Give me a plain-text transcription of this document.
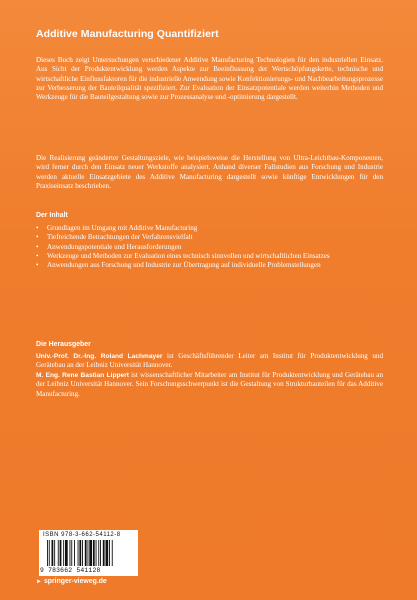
Additive Manufacturing Quantifiziert
Dieses Buch zeigt Untersuchungen verschiedener Additive Manufacturing Technologien für den industriellen Einsatz. Aus Sicht der Produktentwicklung werden Aspekte zur Beeinflussung der Wertschöpfungskette, technische und wirtschaftliche Einflussfaktoren für die industrielle Anwendung sowie Konfektionierungs- und Nachbearbeitungsprozesse zur Verbesserung der Bauteilqualität spezifiziert. Zur Evaluation der Einsatzpotentiale werden weiterhin Methoden und Werkzeuge für die Bauteilgestaltung sowie zur Prozessanalyse und -optimierung dargestellt.
Die Realisierung geänderter Gestaltungsziele, wie beispielsweise die Herstellung von Ultra-Leichtbau-Komponenten, wird ferner durch den Einsatz neuer Werkstoffe analysiert. Anhand diverser Fallstudien aus Forschung und Industrie werden aktuelle Einsatzgebiete des Additive Manufacturing dargestellt sowie künftige Entwicklungen für den Praxiseinsatz beschrieben.
Der Inhalt
• Grundlagen im Umgang mit Additive Manufacturing
• Tiefreichende Betrachtungen der Verfahrensvielfalt
• Anwendungspotentiale und Herausforderungen
• Werkzeuge und Methoden zur Evaluation eines technisch sinnvollen und wirtschaftlichen Einsatzes
• Anwendungen aus Forschung und Industrie zur Übertragung auf individuelle Problemstellungen
Die Herausgeber
Univ.-Prof. Dr.-Ing. Roland Lachmayer ist Geschäftsführender Leiter am Institut für Produktentwicklung und Gerätebau an der Leibniz Universität Hannover.
M. Eng. Rene Bastian Lippert ist wissenschaftlicher Mitarbeiter am Institut für Produktentwicklung und Gerätebau an der Leibniz Universität Hannover. Sein Forschungsschwerpunkt ist die Gestaltung von Strukturbauteilen für das Additive Manufacturing.
ISBN 978-3-662-54112-8
9 783662 541128
► springer-vieweg.de
